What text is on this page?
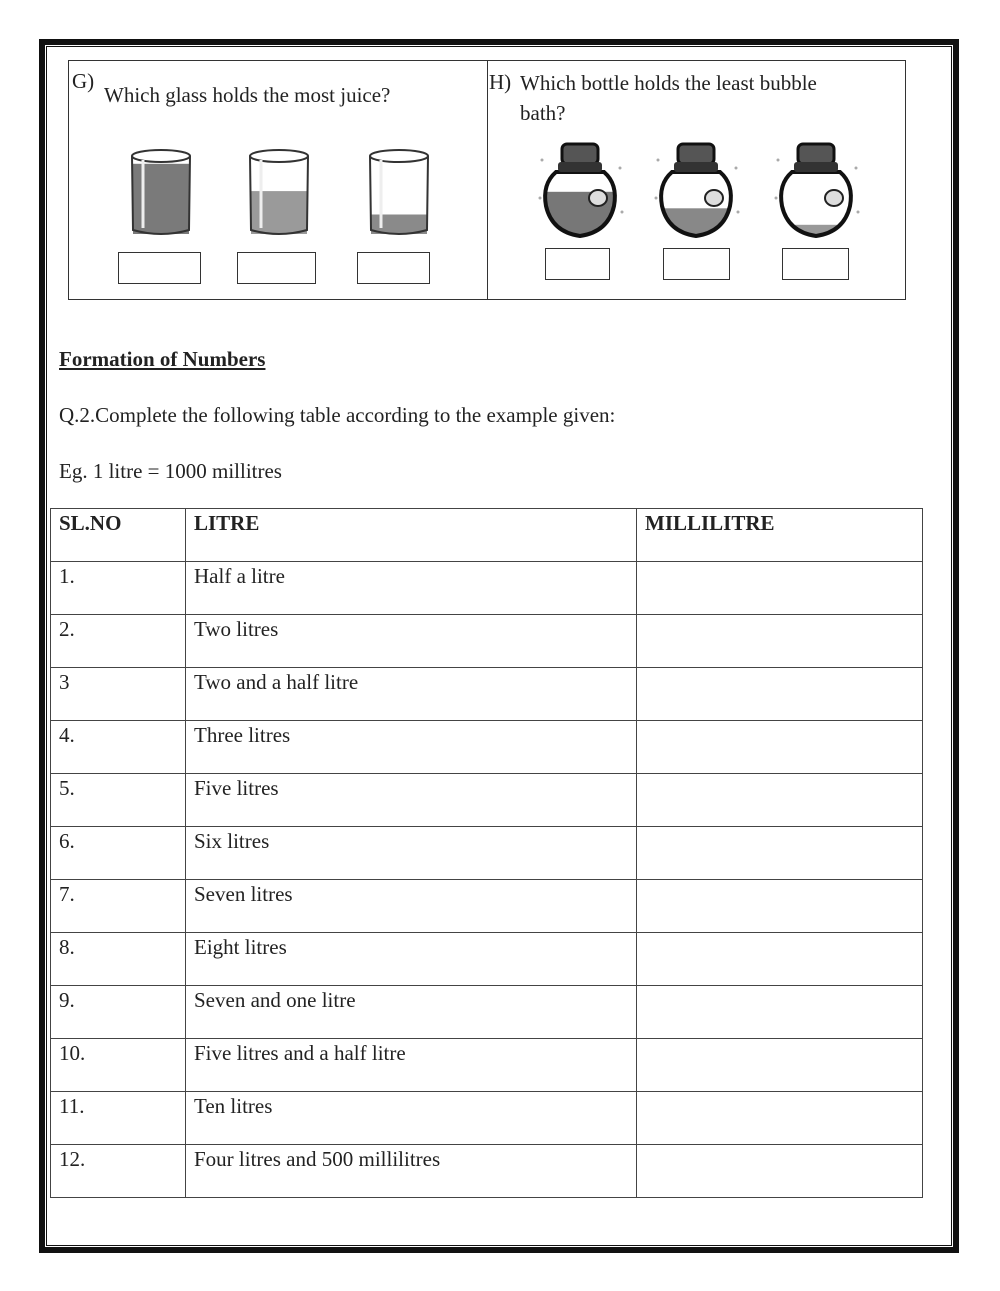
G)
Which glass holds the most juice?
H) Which bottle holds the least bubble
bath?
Formation of Numbers
Q.2.Complete the following table according to the example given:
Eg. 1 litre = 1000 millitres
SL.NO	LITRE	MILLILITRE
1.	Half a litre	
2.	Two litres	
3	Two and a half litre	
4.	Three litres	
5.	Five litres	
6.	Six litres	
7.	Seven litres	
8.	Eight litres	
9.	Seven and one litre	
10.	Five litres and a half litre	
11.	Ten litres	
12.	Four litres and 500 millilitres	
